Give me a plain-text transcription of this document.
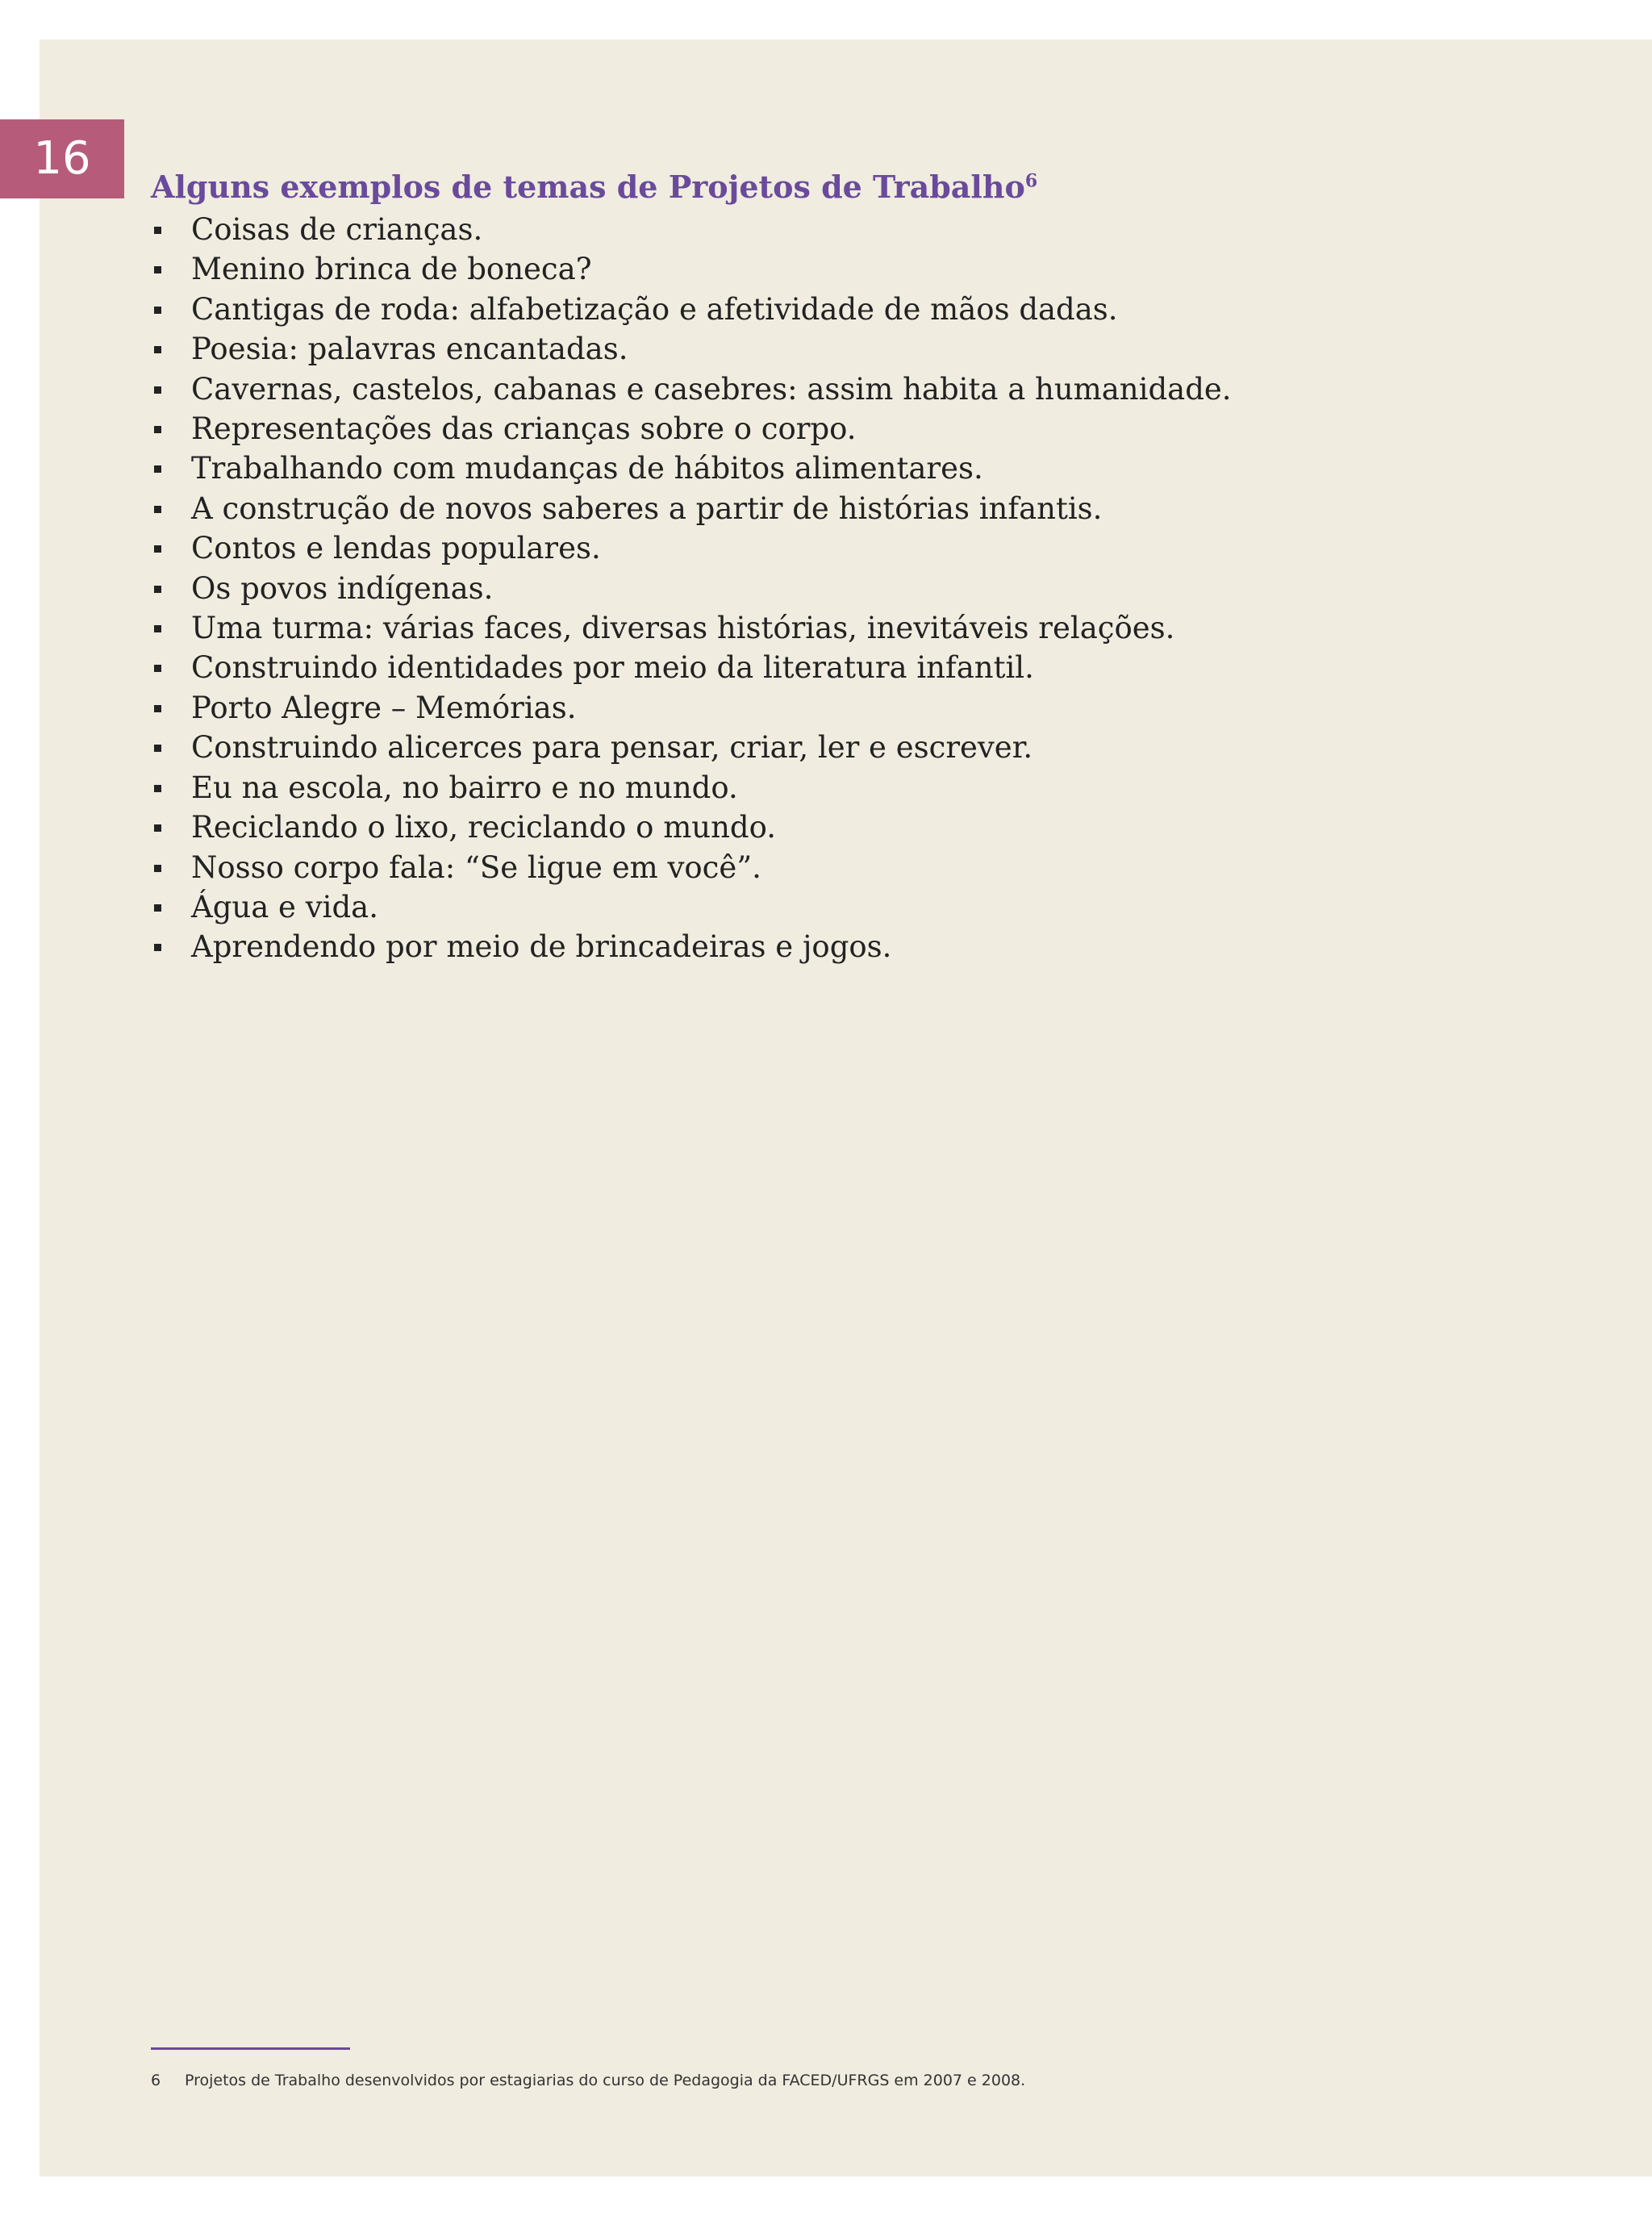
16
Alguns exemplos de temas de Projetos de Trabalho$^6$
Coisas de crianças.
Menino brinca de boneca?
Cantigas de roda: alfabetização e afetividade de mãos dadas.
Poesia: palavras encantadas.
Cavernas, castelos, cabanas e casebres: assim habita a humanidade.
Representações das crianças sobre o corpo.
Trabalhando com mudanças de hábitos alimentares.
A construção de novos saberes a partir de histórias infantis.
Contos e lendas populares.
Os povos indígenas.
Uma turma: várias faces, diversas histórias, inevitáveis relações.
Construindo identidades por meio da literatura infantil.
Porto Alegre – Memórias.
Construindo alicerces para pensar, criar, ler e escrever.
Eu na escola, no bairro e no mundo.
Reciclando o lixo, reciclando o mundo.
Nosso corpo fala: “Se ligue em você”.
Água e vida.
Aprendendo por meio de brincadeiras e jogos.
6 Projetos de Trabalho desenvolvidos por estagiarias do curso de Pedagogia da FACED/UFRGS em 2007 e 2008.
